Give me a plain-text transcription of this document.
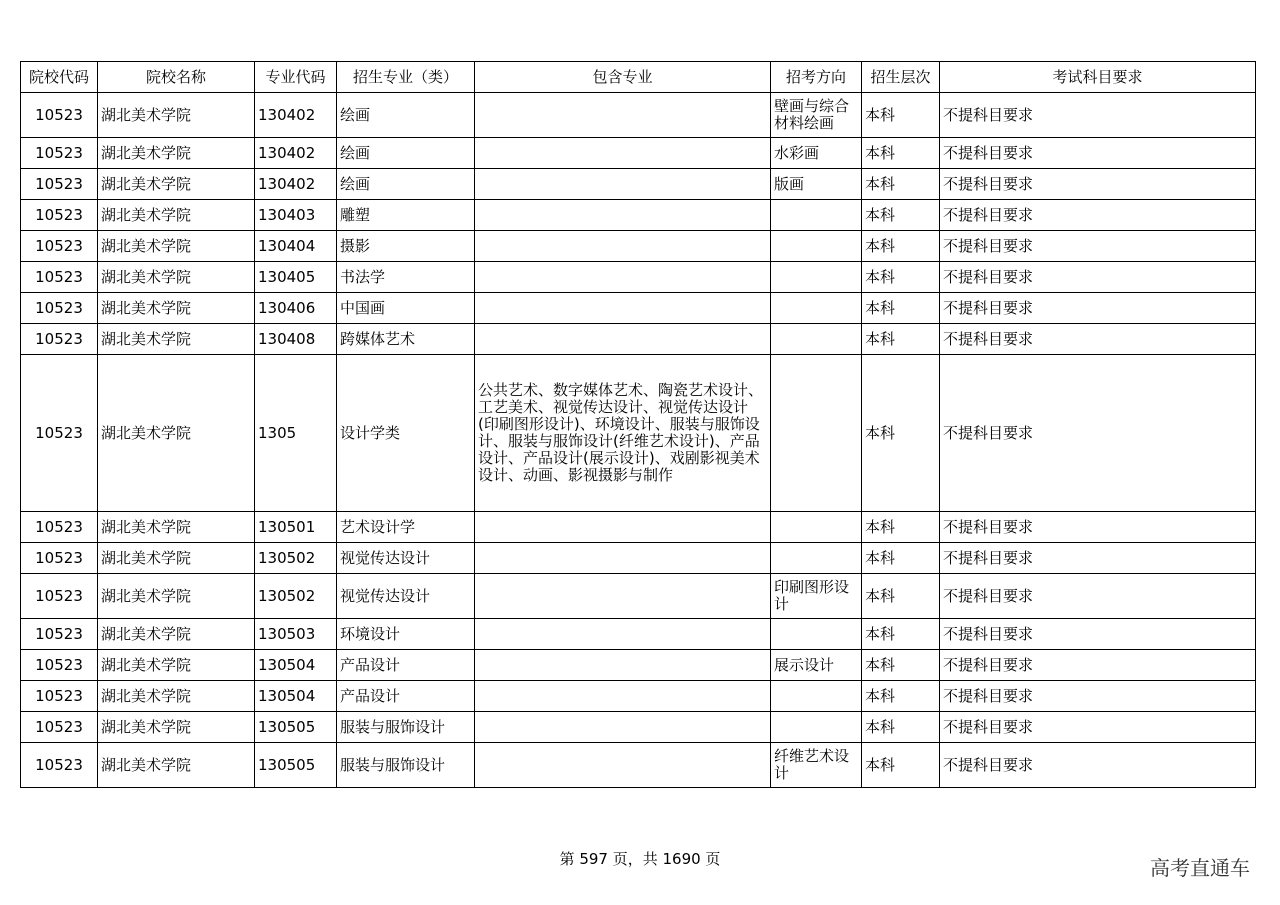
院校代码	院校名称	专业代码	招生专业（类）	包含专业	招考方向	招生层次	考试科目要求
10523	湖北美术学院	130402	绘画		壁画与综合材料绘画	本科	不提科目要求
10523	湖北美术学院	130402	绘画		水彩画	本科	不提科目要求
10523	湖北美术学院	130402	绘画		版画	本科	不提科目要求
10523	湖北美术学院	130403	雕塑			本科	不提科目要求
10523	湖北美术学院	130404	摄影			本科	不提科目要求
10523	湖北美术学院	130405	书法学			本科	不提科目要求
10523	湖北美术学院	130406	中国画			本科	不提科目要求
10523	湖北美术学院	130408	跨媒体艺术			本科	不提科目要求
10523	湖北美术学院	1305	设计学类	公共艺术、数字媒体艺术、陶瓷艺术设计、工艺美术、视觉传达设计、视觉传达设计(印刷图形设计)、环境设计、服装与服饰设计、服装与服饰设计(纤维艺术设计)、产品设计、产品设计(展示设计)、戏剧影视美术设计、动画、影视摄影与制作		本科	不提科目要求
10523	湖北美术学院	130501	艺术设计学			本科	不提科目要求
10523	湖北美术学院	130502	视觉传达设计			本科	不提科目要求
10523	湖北美术学院	130502	视觉传达设计		印刷图形设计	本科	不提科目要求
10523	湖北美术学院	130503	环境设计			本科	不提科目要求
10523	湖北美术学院	130504	产品设计		展示设计	本科	不提科目要求
10523	湖北美术学院	130504	产品设计			本科	不提科目要求
10523	湖北美术学院	130505	服装与服饰设计			本科	不提科目要求
10523	湖北美术学院	130505	服装与服饰设计		纤维艺术设计	本科	不提科目要求
第 597 页，共 1690 页	高考直通车
